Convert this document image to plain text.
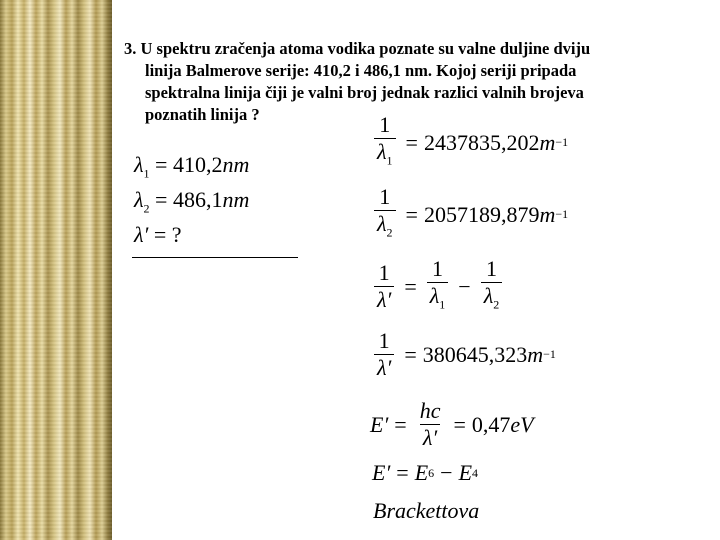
3. U spektru zračenja atoma vodika poznate su valne duljine dviju
linija Balmerove serije: 410,2 i 486,1 nm. Kojoj seriji pripada
spektralna linija čiji je valni broj jednak razlici valnih brojeva
poznatih linija ?
$\lambda_1 = 410,2nm$
$\lambda_2 = 486,1nm$
λ′ = ?
$\frac{1}{\lambda_1} = 2437835,202$ m −1
$\frac{1}{\lambda_2} = 2057189,879$ m −1
$\frac{1}{\lambda'} = \frac{1}{\lambda_1} - \frac{1}{\lambda_2}$
$\frac{1}{\lambda'} = 380645,323$ m −1
$E' = \frac{hc}{\lambda'} = 0,47$ eV
E′ = E 6 − E 4
Brackettova
